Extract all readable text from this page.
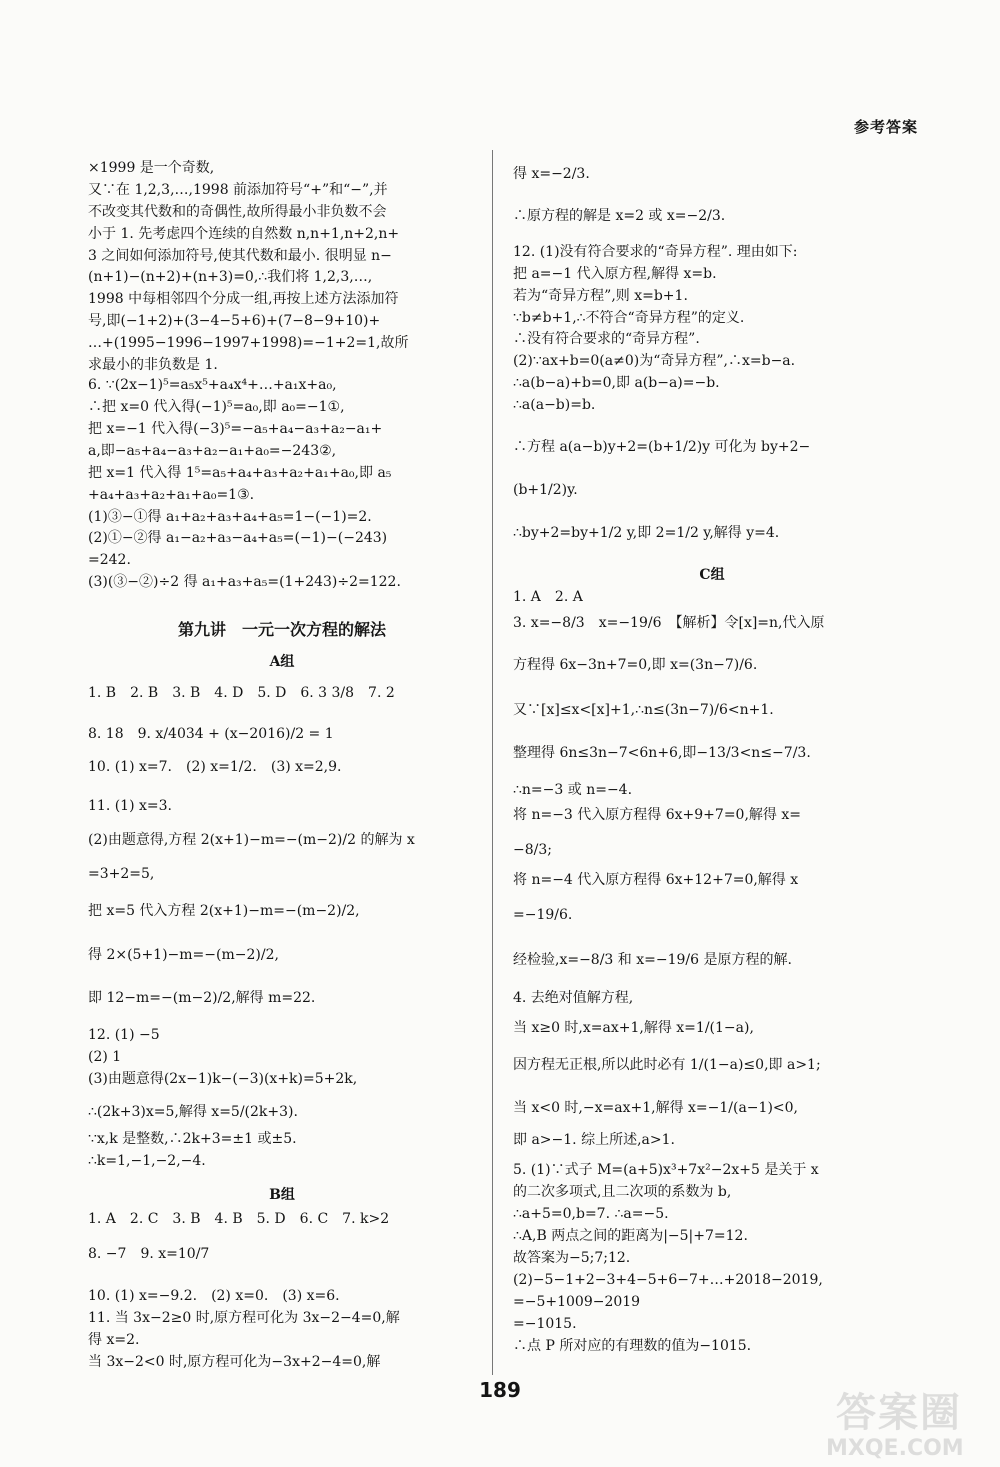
参考答案
×1999 是一个奇数,
又∵在 1,2,3,…,1998 前添加符号“+”和“−”,并
不改变其代数和的奇偶性,故所得最小非负数不会
小于 1. 先考虑四个连续的自然数 n,n+1,n+2,n+
3 之间如何添加符号,使其代数和最小. 很明显 n−
(n+1)−(n+2)+(n+3)=0,∴我们将 1,2,3,…,
1998 中每相邻四个分成一组,再按上述方法添加符
号,即(−1+2)+(3−4−5+6)+(7−8−9+10)+
…+(1995−1996−1997+1998)=−1+2=1,故所
求最小的非负数是 1.
6. ∵(2x−1)⁵=a₅x⁵+a₄x⁴+…+a₁x+a₀,
∴把 x=0 代入得(−1)⁵=a₀,即 a₀=−1①,
把 x=−1 代入得(−3)⁵=−a₅+a₄−a₃+a₂−a₁+
a,即−a₅+a₄−a₃+a₂−a₁+a₀=−243②,
把 x=1 代入得 1⁵=a₅+a₄+a₃+a₂+a₁+a₀,即 a₅
+a₄+a₃+a₂+a₁+a₀=1③.
(1)③−①得 a₁+a₂+a₃+a₄+a₅=1−(−1)=2.
(2)①−②得 a₁−a₂+a₃−a₄+a₅=(−1)−(−243)
=242.
(3)(③−②)÷2 得 a₁+a₃+a₅=(1+243)÷2=122.
第九讲　一元一次方程的解法
A组
1. B　2. B　3. B　4. D　5. D　6. 3 3/8　7. 2
8. 18　9. x/4034 + (x−2016)/2 = 1
10. (1) x=7.　(2) x=1/2.　(3) x=2,9.
11. (1) x=3.
(2)由题意得,方程 2(x+1)−m=−(m−2)/2 的解为 x
=3+2=5,
把 x=5 代入方程 2(x+1)−m=−(m−2)/2,
得 2×(5+1)−m=−(m−2)/2,
即 12−m=−(m−2)/2,解得 m=22.
12. (1) −5
(2) 1
(3)由题意得(2x−1)k−(−3)(x+k)=5+2k,
∴(2k+3)x=5,解得 x=5/(2k+3).
∵x,k 是整数,∴2k+3=±1 或±5.
∴k=1,−1,−2,−4.
B组
1. A　2. C　3. B　4. B　5. D　6. C　7. k>2
8. −7　9. x=10/7
10. (1) x=−9.2.　(2) x=0.　(3) x=6.
11. 当 3x−2≥0 时,原方程可化为 3x−2−4=0,解
得 x=2.
当 3x−2<0 时,原方程可化为−3x+2−4=0,解
得 x=−2/3.
∴原方程的解是 x=2 或 x=−2/3.
12. (1)没有符合要求的“奇异方程”. 理由如下:
把 a=−1 代入原方程,解得 x=b.
若为“奇异方程”,则 x=b+1.
∵b≠b+1,∴不符合“奇异方程”的定义.
∴没有符合要求的“奇异方程”.
(2)∵ax+b=0(a≠0)为“奇异方程”,∴x=b−a.
∴a(b−a)+b=0,即 a(b−a)=−b.
∴a(a−b)=b.
∴方程 a(a−b)y+2=(b+1/2)y 可化为 by+2−
(b+1/2)y.
∴by+2=by+1/2 y,即 2=1/2 y,解得 y=4.
C组
1. A　2. A
3. x=−8/3　x=−19/6　【解析】令[x]=n,代入原
方程得 6x−3n+7=0,即 x=(3n−7)/6.
又∵[x]≤x<[x]+1,∴n≤(3n−7)/6<n+1.
整理得 6n≤3n−7<6n+6,即−13/3<n≤−7/3.
∴n=−3 或 n=−4.
将 n=−3 代入原方程得 6x+9+7=0,解得 x=
−8/3;
将 n=−4 代入原方程得 6x+12+7=0,解得 x
=−19/6.
经检验,x=−8/3 和 x=−19/6 是原方程的解.
4. 去绝对值解方程,
当 x≥0 时,x=ax+1,解得 x=1/(1−a),
因方程无正根,所以此时必有 1/(1−a)≤0,即 a>1;
当 x<0 时,−x=ax+1,解得 x=−1/(a−1)<0,
即 a>−1. 综上所述,a>1.
5. (1)∵式子 M=(a+5)x³+7x²−2x+5 是关于 x
的二次多项式,且二次项的系数为 b,
∴a+5=0,b=7. ∴a=−5.
∴A,B 两点之间的距离为|−5|+7=12.
故答案为−5;7;12.
(2)−5−1+2−3+4−5+6−7+…+2018−2019,
=−5+1009−2019
=−1015.
∴点 P 所对应的有理数的值为−1015.
189	答案圈
MXQE.COM
